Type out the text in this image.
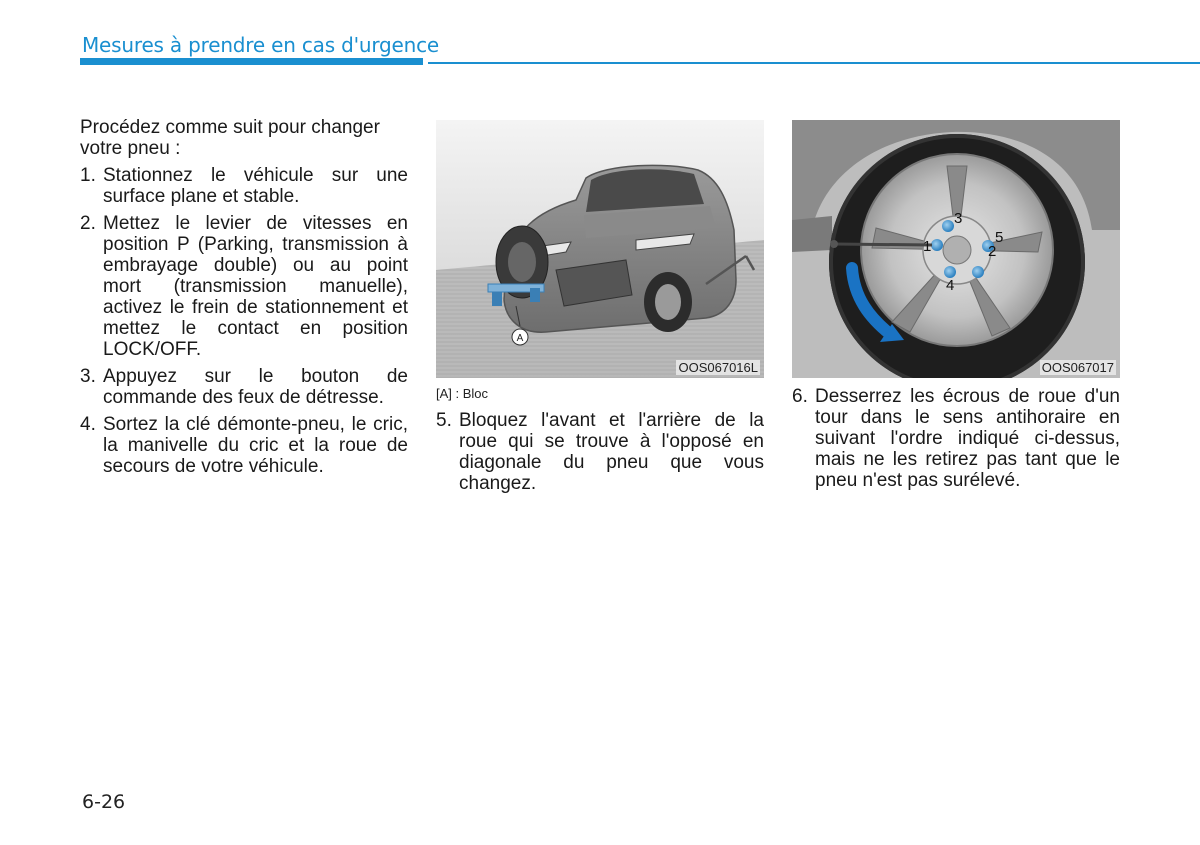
Mesures à prendre en cas d'urgence
Procédez comme suit pour changer votre pneu :
1. Stationnez le véhicule sur une surface plane et stable.
2. Mettez le levier de vitesses en position P (Parking, transmission à embrayage double) ou au point mort (transmission manuelle), activez le frein de stationnement et mettez le contact en position LOCK/OFF.
3. Appuyez sur le bouton de commande des feux de détresse.
4. Sortez la clé démonte-pneu, le cric, la manivelle du cric et la roue de secours de votre véhicule.
A
OOS067016L
[A] : Bloc
1	2
3
4
5
OOS067017
5. Bloquez l'avant et l'arrière de la roue qui se trouve à l'opposé en diagonale du pneu que vous changez.
6. Desserrez les écrous de roue d'un tour dans le sens antihoraire en suivant l'ordre indiqué ci-dessus, mais ne les retirez pas tant que le pneu n'est pas surélevé.
6-26
